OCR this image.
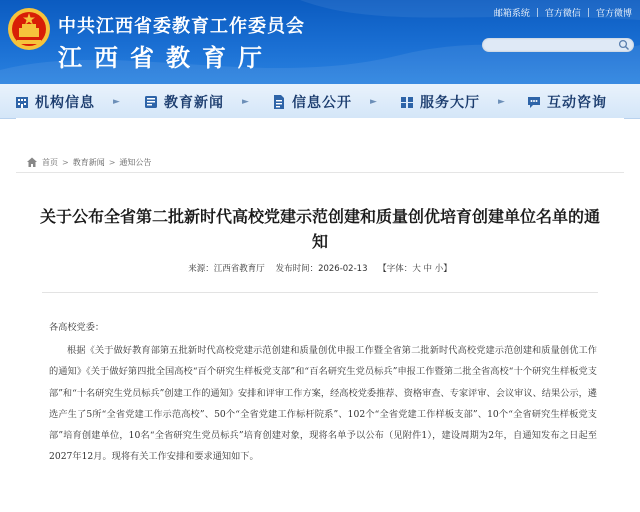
中共江西省委教育工作委员会
江西省教育厅
邮箱系统 | 官方微信 | 官方微博
机构信息 ►	教育新闻 ►	信息公开 ►	服务大厅 ►	互动咨询
首页 > 教育新闻 > 通知公告
关于公布全省第二批新时代高校党建示范创建和质量创优培育创建单位名单的通知
来源：江西省教育厅 发布时间：2026-02-13 【字体：大 中 小】
各高校党委：
根据《关于做好教育部第五批新时代高校党建示范创建和质量创优申报工作暨全省第二批新时代高校党建示范创建和质量创优工作的通知》《关于做好第四批全国高校“百个研究生样板党支部”和“百名研究生党员标兵”申报工作暨第二批全省高校“十个研究生样板党支部”和“十名研究生党员标兵”创建工作的通知》安排和评审工作方案，经高校党委推荐、资格审查、专家评审、会议审议、结果公示，遴选产生了5所“全省党建工作示范高校”、50个“全省党建工作标杆院系”、102个“全省党建工作样板支部”、10个“全省研究生样板党支部”培育创建单位，10名“全省研究生党员标兵”培育创建对象，现将名单予以公布（见附件1），建设周期为2年，自通知发布之日起至2027年12月。现将有关工作安排和要求通知如下。
